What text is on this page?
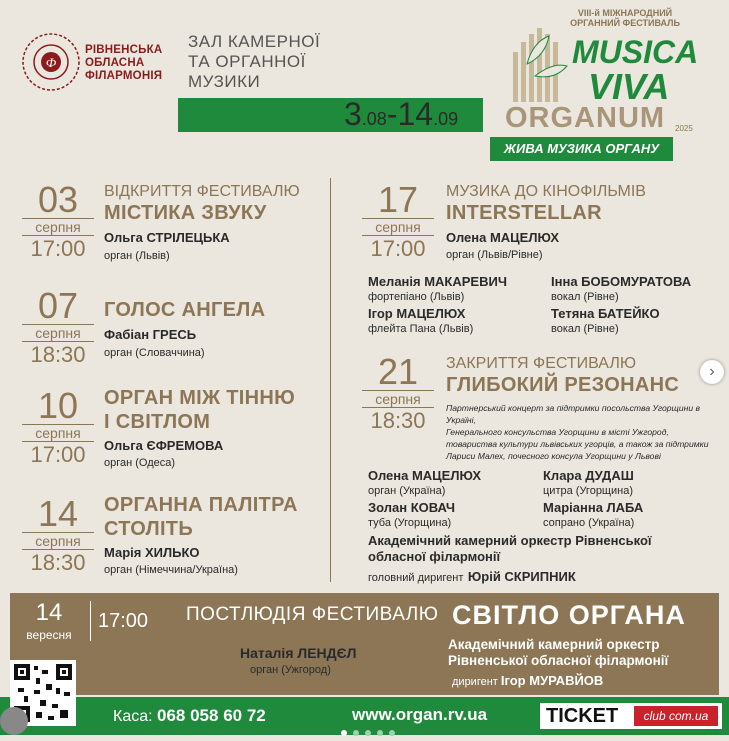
Ф
РІВНЕНСЬКА
ОБЛАСНА
ФІЛАРМОНІЯ
ЗАЛ КАМЕРНОЇ
ТА ОРГАННОЇ
МУЗИКИ
3.08-14.09
VIII-й МІЖНАРОДНИЙ
ОРГАННИЙ ФЕСТИВАЛЬ
MUSICA
VIVA
ORGANUM 2025
ЖИВА МУЗИКА ОРГАНУ
03
серпня
17:00
ВІДКРИТТЯ ФЕСТИВАЛЮ
МІСТИКА ЗВУКУ
Ольга СТРІЛЕЦЬКА
орган (Львів)
07
серпня
18:30
ГОЛОС АНГЕЛА
Фабіан ГРЕСЬ
орган (Словаччина)
10
серпня
17:00
ОРГАН МІЖ ТІННЮ
І СВІТЛОМ
Ольга ЄФРЕМОВА
орган (Одеса)
14
серпня
18:30
ОРГАННА ПАЛІТРА
СТОЛІТЬ
Марія ХИЛЬКО
орган (Німеччина/Україна)
17
серпня
17:00
МУЗИКА ДО КІНОФІЛЬМІВ
INTERSTELLAR
Олена МАЦЕЛЮХ
орган (Львів/Рівне)
Меланія МАКАРЕВИЧ
фортепіано (Львів)
Інна БОБОМУРАТОВА
вокал (Рівне)
Ігор МАЦЕЛЮХ
флейта Пана (Львів)
Тетяна БАТЕЙКО
вокал (Рівне)
21
серпня
18:30
ЗАКРИТТЯ ФЕСТИВАЛЮ
ГЛИБОКИЙ РЕЗОНАНС
Партнерський концерт за підтримки посольства Угорщини в Україні,
Генерального консульства Угорщини в місті Ужгород,
товариства культури львівських угорців, а також за підтримки
Лариси Малех, почесного консула Угорщини у Львові
Олена МАЦЕЛЮХ
орган (Україна)
Клара ДУДАШ
цитра (Угорщина)
Золан КОВАЧ
туба (Угорщина)
Маріанна ЛАБА
сопрано (Україна)
Академічний камерний оркестр Рівненської
обласної філармонії
головний диригент Юрій СКРИПНИК
14
вересня
17:00 ПОСТЛЮДІЯ ФЕСТИВАЛЮ СВІТЛО ОРГАНА
Наталія ЛЕНДЄЛ
орган (Ужгород)
Академічний камерний оркестр
Рівненської обласної філармонії
диригент Ігор МУРАВЙОВ
Каса: 068 058 60 72	www.organ.rv.ua	TICKET	club com.ua
›
